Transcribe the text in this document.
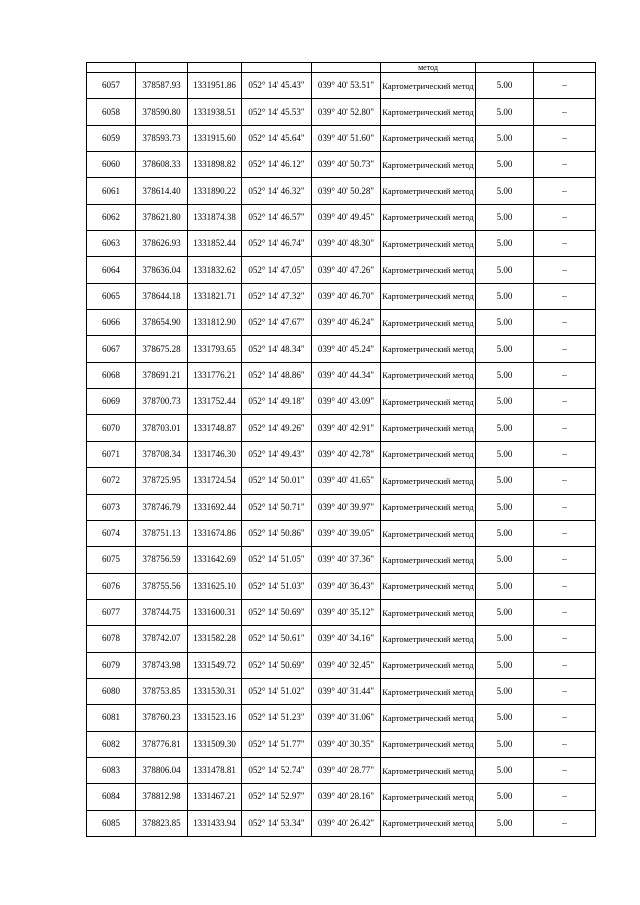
					метод		
6057	378587.93	1331951.86	052° 14' 45.43"	039° 40' 53.51"	Картометрический метод	5.00	–
6058	378590.80	1331938.51	052° 14' 45.53"	039° 40' 52.80"	Картометрический метод	5.00	–
6059	378593.73	1331915.60	052° 14' 45.64"	039° 40' 51.60"	Картометрический метод	5.00	–
6060	378608.33	1331898.82	052° 14' 46.12"	039° 40' 50.73"	Картометрический метод	5.00	–
6061	378614.40	1331890.22	052° 14' 46.32"	039° 40' 50.28"	Картометрический метод	5.00	–
6062	378621.80	1331874.38	052° 14' 46.57"	039° 40' 49.45"	Картометрический метод	5.00	–
6063	378626.93	1331852.44	052° 14' 46.74"	039° 40' 48.30"	Картометрический метод	5.00	–
6064	378636.04	1331832.62	052° 14' 47.05"	039° 40' 47.26"	Картометрический метод	5.00	–
6065	378644.18	1331821.71	052° 14' 47.32"	039° 40' 46.70"	Картометрический метод	5.00	–
6066	378654.90	1331812.90	052° 14' 47.67"	039° 40' 46.24"	Картометрический метод	5.00	–
6067	378675.28	1331793.65	052° 14' 48.34"	039° 40' 45.24"	Картометрический метод	5.00	–
6068	378691.21	1331776.21	052° 14' 48.86"	039° 40' 44.34"	Картометрический метод	5.00	–
6069	378700.73	1331752.44	052° 14' 49.18"	039° 40' 43.09"	Картометрический метод	5.00	–
6070	378703.01	1331748.87	052° 14' 49.26"	039° 40' 42.91"	Картометрический метод	5.00	–
6071	378708.34	1331746.30	052° 14' 49.43"	039° 40' 42.78"	Картометрический метод	5.00	–
6072	378725.95	1331724.54	052° 14' 50.01"	039° 40' 41.65"	Картометрический метод	5.00	–
6073	378746.79	1331692.44	052° 14' 50.71"	039° 40' 39.97"	Картометрический метод	5.00	–
6074	378751.13	1331674.86	052° 14' 50.86"	039° 40' 39.05"	Картометрический метод	5.00	–
6075	378756.59	1331642.69	052° 14' 51.05"	039° 40' 37.36"	Картометрический метод	5.00	–
6076	378755.56	1331625.10	052° 14' 51.03"	039° 40' 36.43"	Картометрический метод	5.00	–
6077	378744.75	1331600.31	052° 14' 50.69"	039° 40' 35.12"	Картометрический метод	5.00	–
6078	378742.07	1331582.28	052° 14' 50.61"	039° 40' 34.16"	Картометрический метод	5.00	–
6079	378743.98	1331549.72	052° 14' 50.69"	039° 40' 32.45"	Картометрический метод	5.00	–
6080	378753.85	1331530.31	052° 14' 51.02"	039° 40' 31.44"	Картометрический метод	5.00	–
6081	378760.23	1331523.16	052° 14' 51.23"	039° 40' 31.06"	Картометрический метод	5.00	–
6082	378776.81	1331509.30	052° 14' 51.77"	039° 40' 30.35"	Картометрический метод	5.00	–
6083	378806.04	1331478.81	052° 14' 52.74"	039° 40' 28.77"	Картометрический метод	5.00	–
6084	378812.98	1331467.21	052° 14' 52.97"	039° 40' 28.16"	Картометрический метод	5.00	–
6085	378823.85	1331433.94	052° 14' 53.34"	039° 40' 26.42"	Картометрический метод	5.00	–
